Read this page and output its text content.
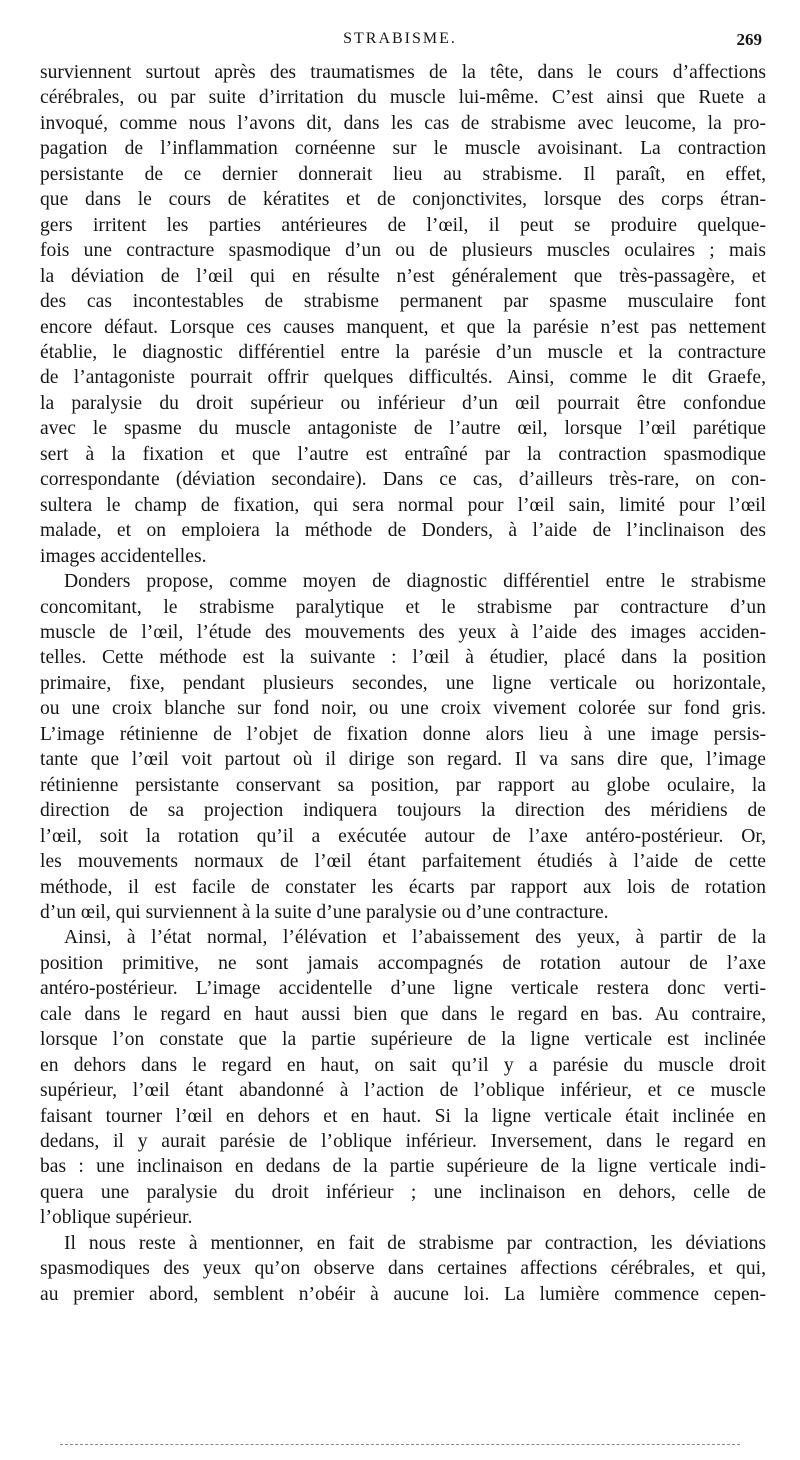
STRABISME.	269
surviennent surtout après des traumatismes de la tête, dans le cours d’affections
cérébrales, ou par suite d’irritation du muscle lui-même. C’est ainsi que Ruete a
invoqué, comme nous l’avons dit, dans les cas de strabisme avec leucome, la pro-
pagation de l’inflammation cornéenne sur le muscle avoisinant. La contraction
persistante de ce dernier donnerait lieu au strabisme. Il paraît, en effet,
que dans le cours de kératites et de conjonctivites, lorsque des corps étran-
gers irritent les parties antérieures de l’œil, il peut se produire quelque-
fois une contracture spasmodique d’un ou de plusieurs muscles oculaires ; mais
la déviation de l’œil qui en résulte n’est généralement que très-passagère, et
des cas incontestables de strabisme permanent par spasme musculaire font
encore défaut. Lorsque ces causes manquent, et que la parésie n’est pas nettement
établie, le diagnostic différentiel entre la parésie d’un muscle et la contracture
de l’antagoniste pourrait offrir quelques difficultés. Ainsi, comme le dit Graefe,
la paralysie du droit supérieur ou inférieur d’un œil pourrait être confondue
avec le spasme du muscle antagoniste de l’autre œil, lorsque l’œil parétique
sert à la fixation et que l’autre est entraîné par la contraction spasmodique
correspondante (déviation secondaire). Dans ce cas, d’ailleurs très-rare, on con-
sultera le champ de fixation, qui sera normal pour l’œil sain, limité pour l’œil
malade, et on emploiera la méthode de Donders, à l’aide de l’inclinaison des
images accidentelles.
Donders propose, comme moyen de diagnostic différentiel entre le strabisme
concomitant, le strabisme paralytique et le strabisme par contracture d’un
muscle de l’œil, l’étude des mouvements des yeux à l’aide des images acciden-
telles. Cette méthode est la suivante : l’œil à étudier, placé dans la position
primaire, fixe, pendant plusieurs secondes, une ligne verticale ou horizontale,
ou une croix blanche sur fond noir, ou une croix vivement colorée sur fond gris.
L’image rétinienne de l’objet de fixation donne alors lieu à une image persis-
tante que l’œil voit partout où il dirige son regard. Il va sans dire que, l’image
rétinienne persistante conservant sa position, par rapport au globe oculaire, la
direction de sa projection indiquera toujours la direction des méridiens de
l’œil, soit la rotation qu’il a exécutée autour de l’axe antéro-postérieur. Or,
les mouvements normaux de l’œil étant parfaitement étudiés à l’aide de cette
méthode, il est facile de constater les écarts par rapport aux lois de rotation
d’un œil, qui surviennent à la suite d’une paralysie ou d’une contracture.
Ainsi, à l’état normal, l’élévation et l’abaissement des yeux, à partir de la
position primitive, ne sont jamais accompagnés de rotation autour de l’axe
antéro-postérieur. L’image accidentelle d’une ligne verticale restera donc verti-
cale dans le regard en haut aussi bien que dans le regard en bas. Au contraire,
lorsque l’on constate que la partie supérieure de la ligne verticale est inclinée
en dehors dans le regard en haut, on sait qu’il y a parésie du muscle droit
supérieur, l’œil étant abandonné à l’action de l’oblique inférieur, et ce muscle
faisant tourner l’œil en dehors et en haut. Si la ligne verticale était inclinée en
dedans, il y aurait parésie de l’oblique inférieur. Inversement, dans le regard en
bas : une inclinaison en dedans de la partie supérieure de la ligne verticale indi-
quera une paralysie du droit inférieur ; une inclinaison en dehors, celle de
l’oblique supérieur.
Il nous reste à mentionner, en fait de strabisme par contraction, les déviations
spasmodiques des yeux qu’on observe dans certaines affections cérébrales, et qui,
au premier abord, semblent n’obéir à aucune loi. La lumière commence cepen-
